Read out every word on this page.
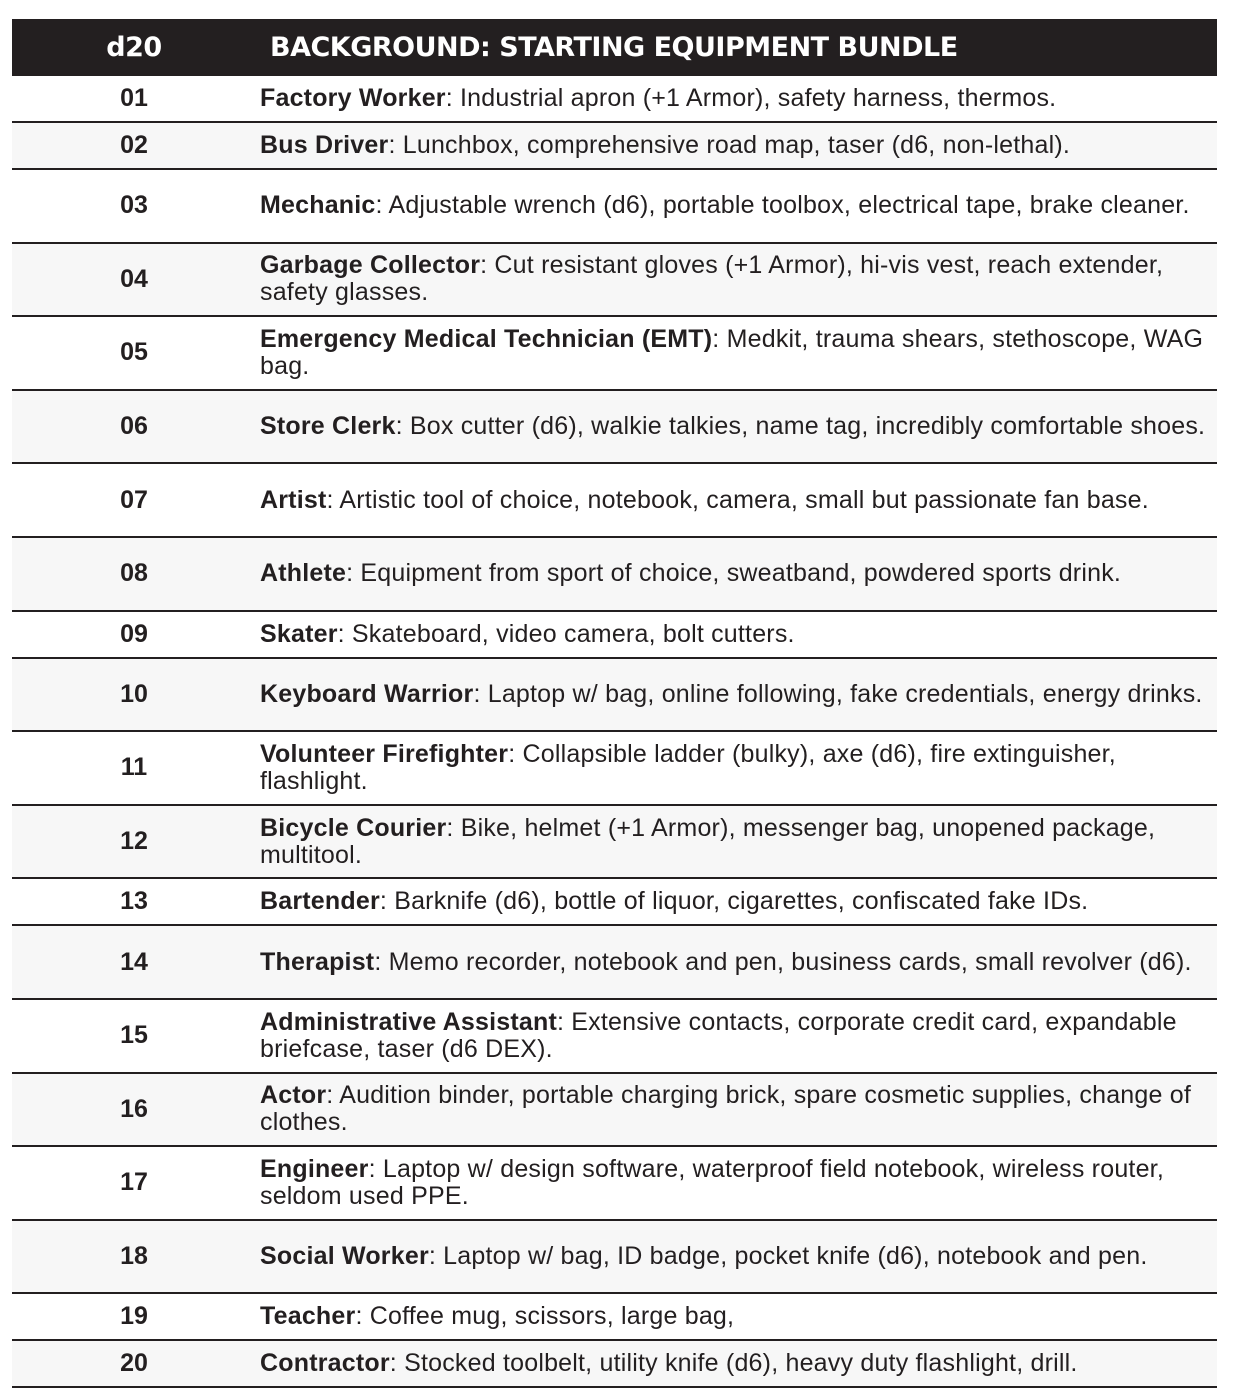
d20	BACKGROUND: STARTING EQUIPMENT BUNDLE
01	Factory Worker: Industrial apron (+1 Armor), safety harness, thermos.
02	Bus Driver: Lunchbox, comprehensive road map, taser (d6, non-lethal).
03	Mechanic: Adjustable wrench (d6), portable toolbox, electrical tape, brake cleaner.
04	Garbage Collector: Cut resistant gloves (+1 Armor), hi-vis vest, reach extender, safety glasses.
05	Emergency Medical Technician (EMT): Medkit, trauma shears, stethoscope, WAG bag.
06	Store Clerk: Box cutter (d6), walkie talkies, name tag, incredibly comfortable shoes.
07	Artist: Artistic tool of choice, notebook, camera, small but passionate fan base.
08	Athlete: Equipment from sport of choice, sweatband, powdered sports drink.
09	Skater: Skateboard, video camera, bolt cutters.
10	Keyboard Warrior: Laptop w/ bag, online following, fake credentials, energy drinks.
11	Volunteer Firefighter: Collapsible ladder (bulky), axe (d6), fire extinguisher, flashlight.
12	Bicycle Courier: Bike, helmet (+1 Armor), messenger bag, unopened package, multitool.
13	Bartender: Barknife (d6), bottle of liquor, cigarettes, confiscated fake IDs.
14	Therapist: Memo recorder, notebook and pen, business cards, small revolver (d6).
15	Administrative Assistant: Extensive contacts, corporate credit card, expandable briefcase, taser (d6 DEX).
16	Actor: Audition binder, portable charging brick, spare cosmetic supplies, change of clothes.
17	Engineer: Laptop w/ design software, waterproof field notebook, wireless router, seldom used PPE.
18	Social Worker: Laptop w/ bag, ID badge, pocket knife (d6), notebook and pen.
19	Teacher: Coffee mug, scissors, large bag,
20	Contractor: Stocked toolbelt, utility knife (d6), heavy duty flashlight, drill.
